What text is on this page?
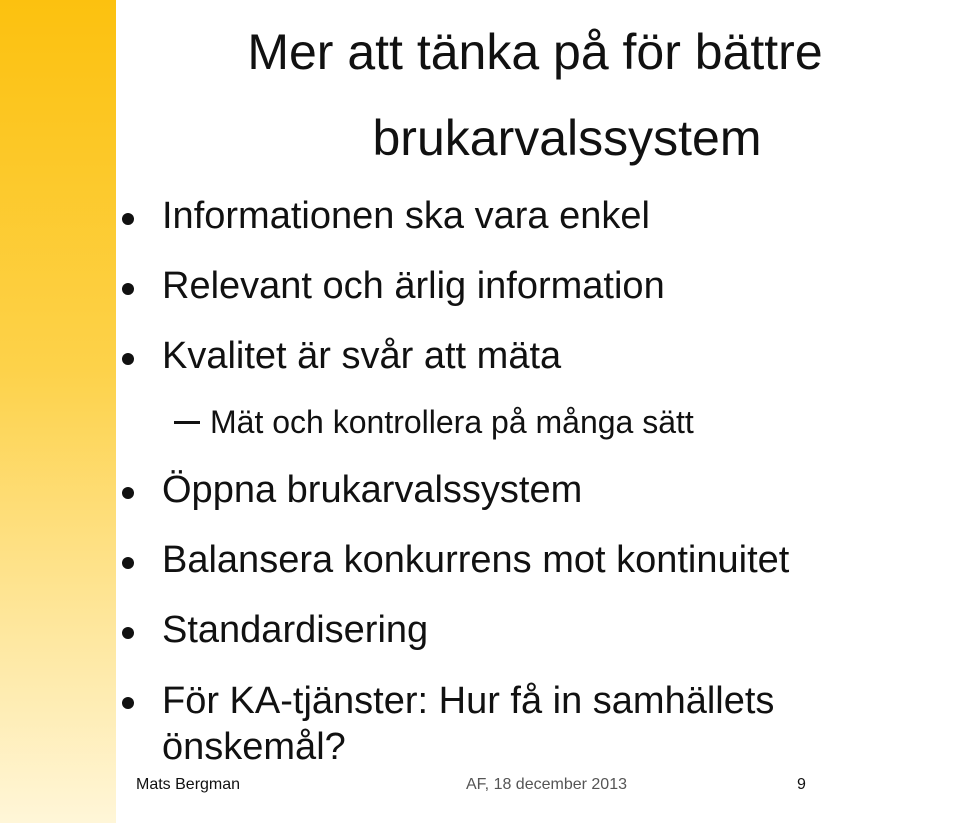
Mer att tänka på för bättre
brukarvalssystem
Informationen ska vara enkel
Relevant och ärlig information
Kvalitet är svår att mäta
Mät och kontrollera på många sätt
Öppna brukarvalssystem
Balansera konkurrens mot kontinuitet
Standardisering
För KA-tjänster: Hur få in samhällets önskemål?
Mats Bergman	AF, 18 december 2013	9
